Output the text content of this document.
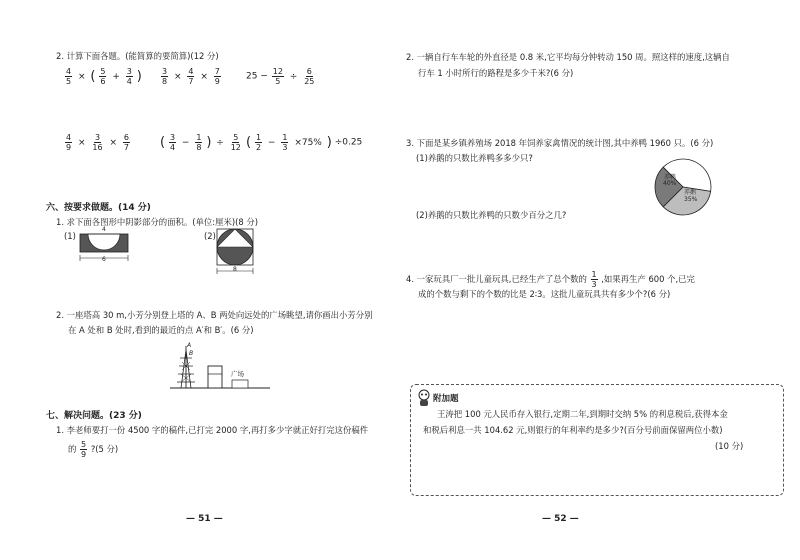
2. 计算下面各题。(能简算的要简算)(12 分)
$\frac{4}{5}$ × ( $\frac{5}{6} + \frac{3}{4}$ ) $\frac{3}{8} \times \frac{4}{7} \times \frac{7}{9}$	$25 - \frac{12}{5} \div \frac{6}{25}$
$\frac{4}{9} \times \frac{3}{16} \times \frac{6}{7}$ ( $\frac{3}{4} - \frac{1}{8}$ ) ÷ $\frac{5}{12}$ ( $\frac{1}{2} - \frac{1}{3} \times 75\%$ ) ÷0.25
六、按要求做题。(14 分)
1. 求下面各图形中阴影部分的面积。(单位:厘米)(8 分)
(1)
4
6
(2)
8
2. 一座塔高 30 m,小芳分别登上塔的 A、B 两处向远处的广场眺望,请你画出小芳分别
在 A 处和 B 处时,看到的最近的点 A′和 B′。(6 分)
A
B
广场
七、解决问题。(23 分)
1. 李老师要打一份 4500 字的稿件,已打完 2000 字,再打多少字就正好打完这份稿件
的 $\frac{5}{9}$ ?(5 分)
— 51 —
2. 一辆自行车车轮的外直径是 0.8 米,它平均每分钟转动 150 周。照这样的速度,这辆自
行车 1 小时所行的路程是多少千米?(6 分)
3. 下面是某乡镇养殖场 2018 年饲养家禽情况的统计图,其中养鸭 1960 只。(6 分)
(1)养鹅的只数比养鸭多多少只?
养鸭
40%
养鹅
35%
(2)养鹅的只数比养鸭的只数少百分之几?
4. 一家玩具厂一批儿童玩具,已经生产了总个数的 $\frac{1}{3}$ ,如果再生产 600 个,已完
成的个数与剩下的个数的比是 2∶3。这批儿童玩具共有多少个?(6 分)
— 52 —
附加题
王涛把 100 元人民币存入银行,定期二年,到期时交纳 5% 的利息税后,获得本金
和税后利息一共 104.62 元,则银行的年利率约是多少?(百分号前面保留两位小数)
(10 分)
